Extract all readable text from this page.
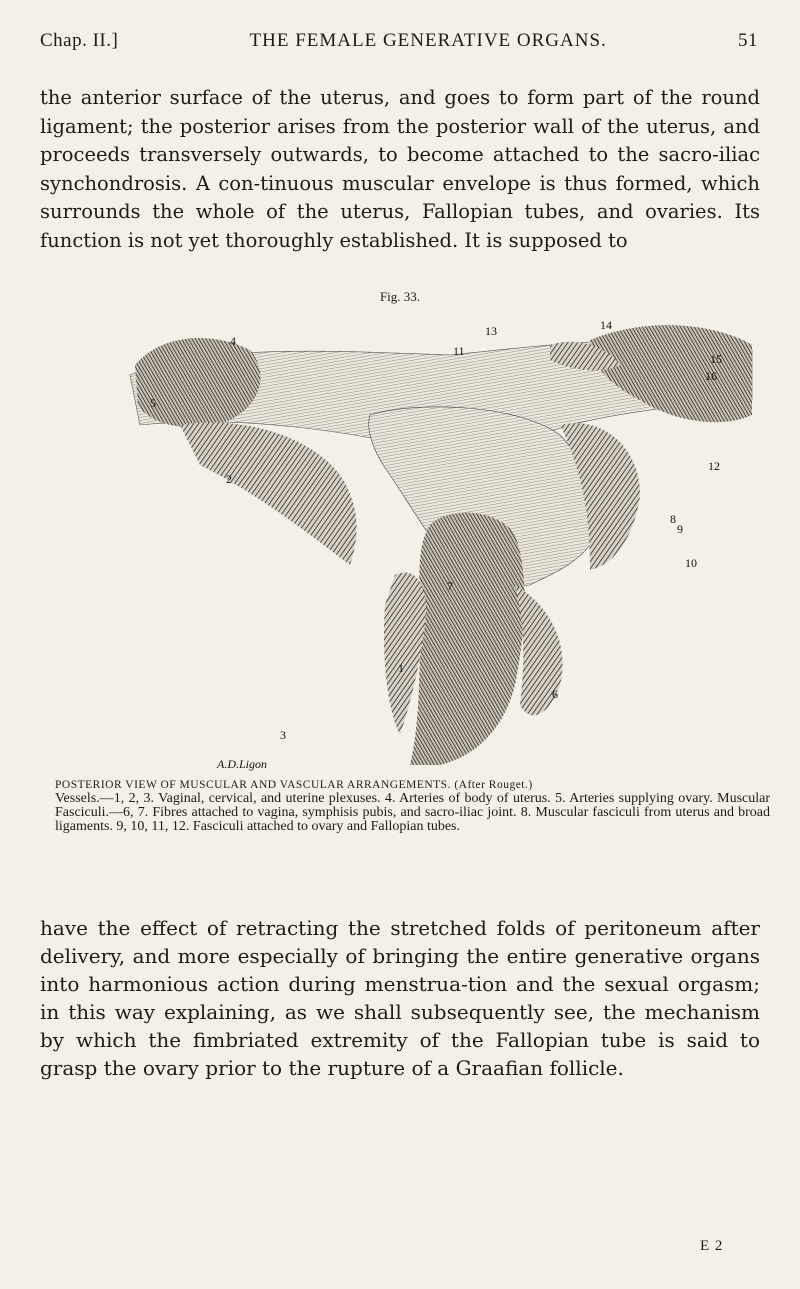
Chap. II.]	THE FEMALE GENERATIVE ORGANS.	51

the anterior surface of the uterus, and goes to form part of the round ligament; the posterior arises from the posterior wall of the uterus, and proceeds transversely outwards, to become attached to the sacro-iliac synchondrosis. A con-tinuous muscular envelope is thus formed, which surrounds the whole of the uterus, Fallopian tubes, and ovaries. Its function is not yet thoroughly established. It is supposed to

Fig. 33.
4
5
11
13	14
15
16
12
2
8
9
10
7
1
6
3
A.D.Ligon
POSTERIOR VIEW OF MUSCULAR AND VASCULAR ARRANGEMENTS. (After Rouget.)
Vessels.—1, 2, 3. Vaginal, cervical, and uterine plexuses. 4. Arteries of body of uterus. 5. Arteries supplying ovary. Muscular Fasciculi.—6, 7. Fibres attached to vagina, symphisis pubis, and sacro-iliac joint. 8. Muscular fasciculi from uterus and broad ligaments. 9, 10, 11, 12. Fasciculi attached to ovary and Fallopian tubes.

have the effect of retracting the stretched folds of peritoneum after delivery, and more especially of bringing the entire generative organs into harmonious action during menstrua-tion and the sexual orgasm; in this way explaining, as we shall subsequently see, the mechanism by which the fimbriated extremity of the Fallopian tube is said to grasp the ovary prior to the rupture of a Graafian follicle.

E 2
